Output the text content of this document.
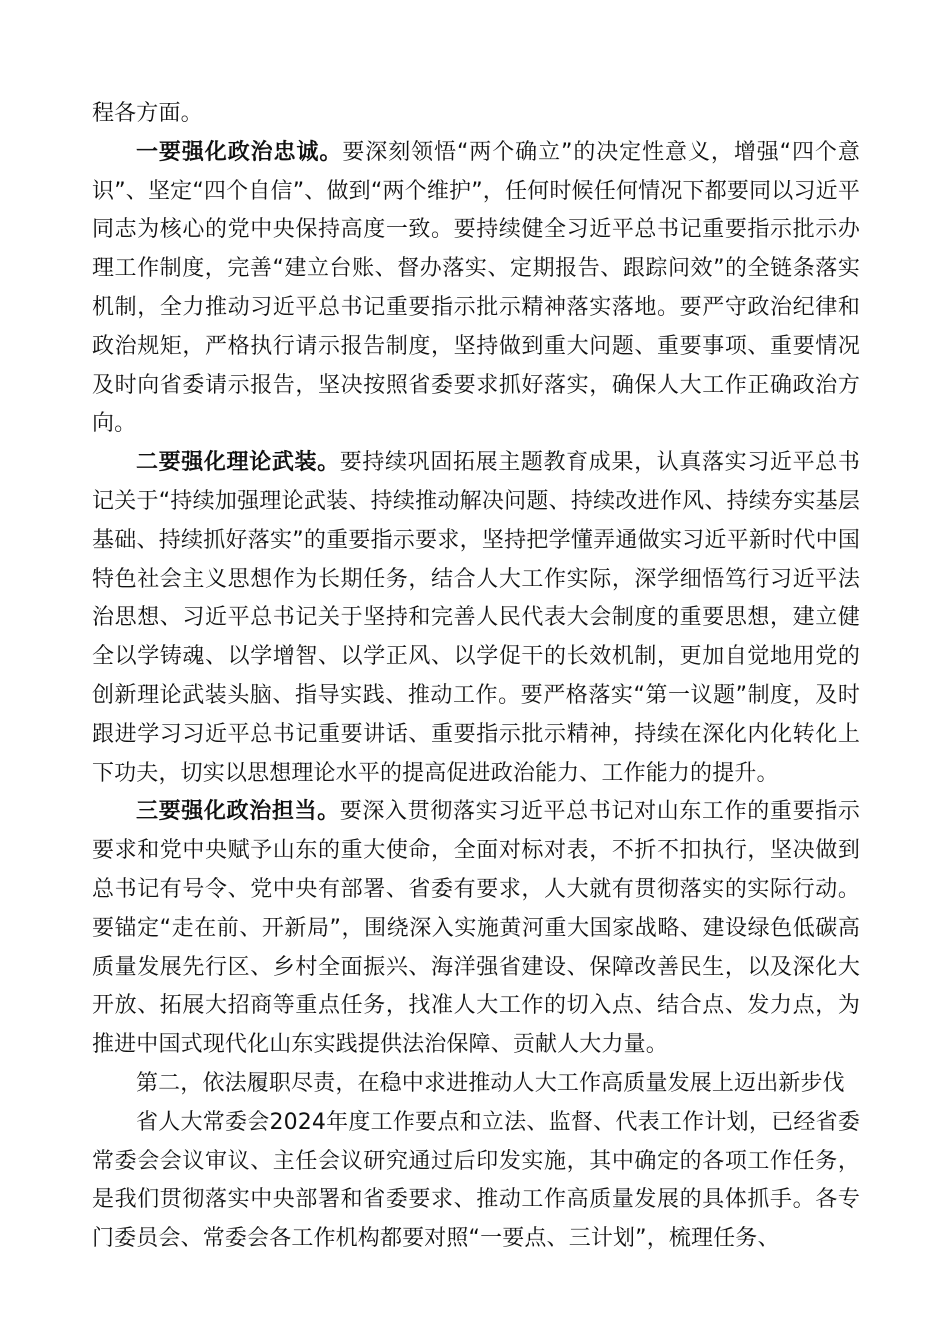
程各方面。

一要强化政治忠诚。要深刻领悟“两个确立”的决定性意义，增强“四个意识”、坚定“四个自信”、做到“两个维护”，任何时候任何情况下都要同以习近平同志为核心的党中央保持高度一致。要持续健全习近平总书记重要指示批示办理工作制度，完善“建立台账、督办落实、定期报告、跟踪问效”的全链条落实机制，全力推动习近平总书记重要指示批示精神落实落地。要严守政治纪律和政治规矩，严格执行请示报告制度，坚持做到重大问题、重要事项、重要情况及时向省委请示报告，坚决按照省委要求抓好落实，确保人大工作正确政治方向。

二要强化理论武装。要持续巩固拓展主题教育成果，认真落实习近平总书记关于“持续加强理论武装、持续推动解决问题、持续改进作风、持续夯实基层基础、持续抓好落实”的重要指示要求，坚持把学懂弄通做实习近平新时代中国特色社会主义思想作为长期任务，结合人大工作实际，深学细悟笃行习近平法治思想、习近平总书记关于坚持和完善人民代表大会制度的重要思想，建立健全以学铸魂、以学增智、以学正风、以学促干的长效机制，更加自觉地用党的创新理论武装头脑、指导实践、推动工作。要严格落实“第一议题”制度，及时跟进学习习近平总书记重要讲话、重要指示批示精神，持续在深化内化转化上下功夫，切实以思想理论水平的提高促进政治能力、工作能力的提升。

三要强化政治担当。要深入贯彻落实习近平总书记对山东工作的重要指示要求和党中央赋予山东的重大使命，全面对标对表，不折不扣执行，坚决做到总书记有号令、党中央有部署、省委有要求，人大就有贯彻落实的实际行动。要锚定“走在前、开新局”，围绕深入实施黄河重大国家战略、建设绿色低碳高质量发展先行区、乡村全面振兴、海洋强省建设、保障改善民生，以及深化大开放、拓展大招商等重点任务，找准人大工作的切入点、结合点、发力点，为推进中国式现代化山东实践提供法治保障、贡献人大力量。

第二，依法履职尽责，在稳中求进推动人大工作高质量发展上迈出新步伐

省人大常委会2024年度工作要点和立法、监督、代表工作计划，已经省委常委会会议审议、主任会议研究通过后印发实施，其中确定的各项工作任务，是我们贯彻落实中央部署和省委要求、推动工作高质量发展的具体抓手。各专门委员会、常委会各工作机构都要对照“一要点、三计划”，梳理任务、
